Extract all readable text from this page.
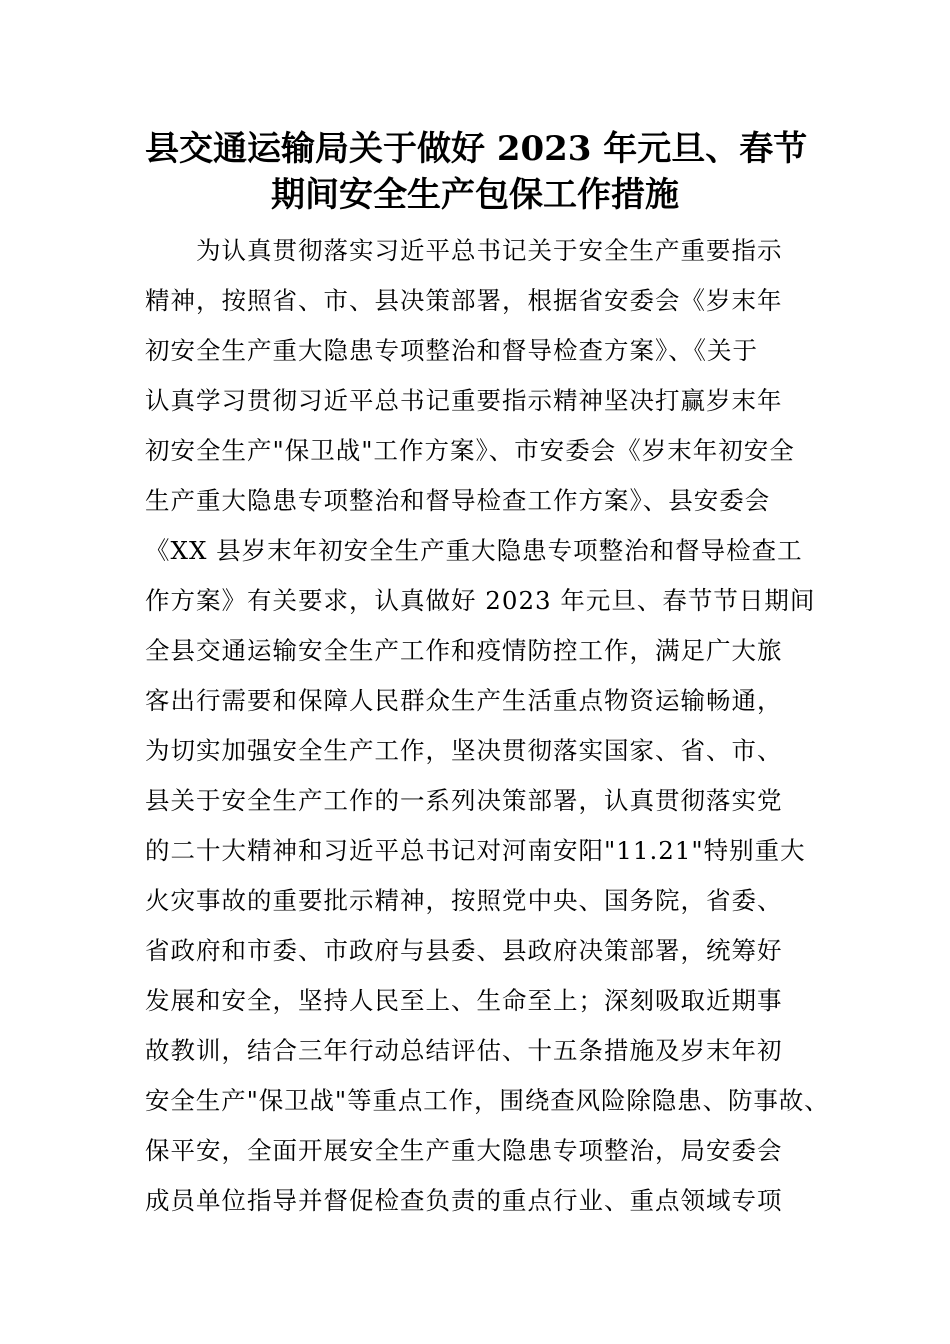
县交通运输局关于做好 2023 年元旦、春节
期间安全生产包保工作措施
为认真贯彻落实习近平总书记关于安全生产重要指示
精神，按照省、市、县决策部署，根据省安委会《岁末年
初安全生产重大隐患专项整治和督导检查方案》、《关于
认真学习贯彻习近平总书记重要指示精神坚决打赢岁末年
初安全生产"保卫战"工作方案》、市安委会《岁末年初安全
生产重大隐患专项整治和督导检查工作方案》、县安委会
《XX 县岁末年初安全生产重大隐患专项整治和督导检查工
作方案》有关要求，认真做好 2023 年元旦、春节节日期间
全县交通运输安全生产工作和疫情防控工作，满足广大旅
客出行需要和保障人民群众生产生活重点物资运输畅通，
为切实加强安全生产工作，坚决贯彻落实国家、省、市、
县关于安全生产工作的一系列决策部署，认真贯彻落实党
的二十大精神和习近平总书记对河南安阳"11.21"特别重大
火灾事故的重要批示精神，按照党中央、国务院，省委、
省政府和市委、市政府与县委、县政府决策部署，统筹好
发展和安全，坚持人民至上、生命至上；深刻吸取近期事
故教训，结合三年行动总结评估、十五条措施及岁末年初
安全生产"保卫战"等重点工作，围绕查风险除隐患、防事故、
保平安，全面开展安全生产重大隐患专项整治，局安委会
成员单位指导并督促检查负责的重点行业、重点领域专项
